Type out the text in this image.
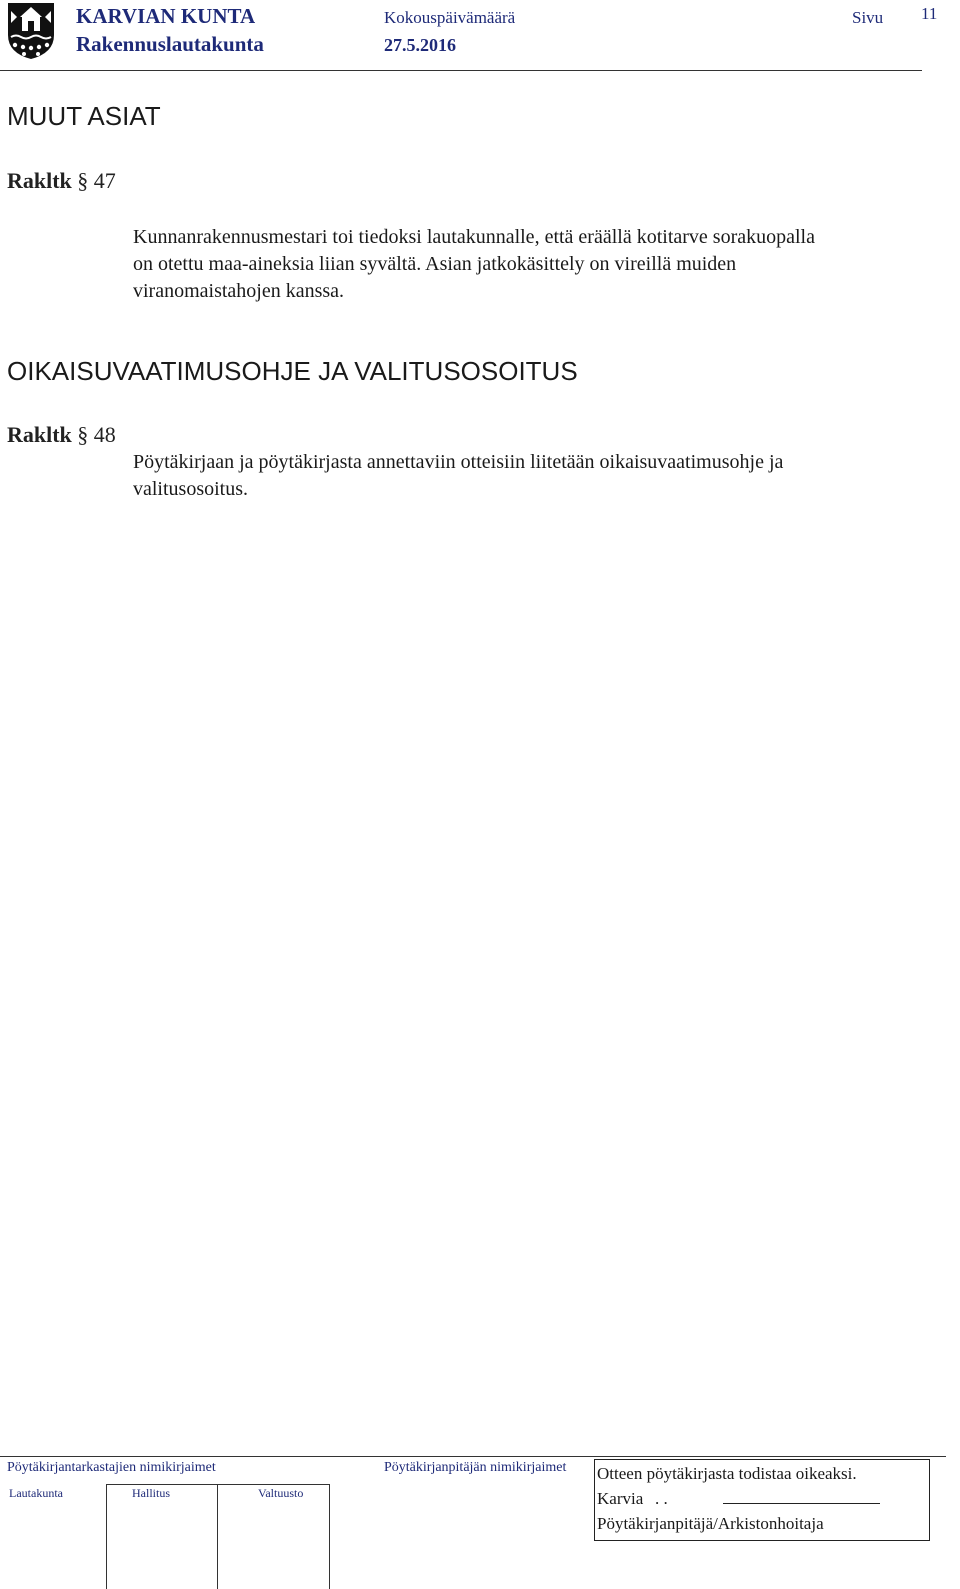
KARVIAN KUNTA
Rakennuslautakunta
Kokouspäivämäärä
27.5.2016
Sivu 11
MUUT ASIAT
Rakltk § 47
Kunnanrakennusmestari toi tiedoksi lautakunnalle, että eräällä kotitarve sorakuopalla
on otettu maa-aineksia liian syvältä. Asian jatkokäsittely on vireillä muiden
viranomaistahojen kanssa.
OIKAISUVAATIMUSOHJE JA VALITUSOSOITUS
Rakltk § 48
Pöytäkirjaan ja pöytäkirjasta annettaviin otteisiin liitetään oikaisuvaatimusohje ja
valitusosoitus.
Pöytäkirjantarkastajien nimikirjaimet	Pöytäkirjanpitäjän nimikirjaimet
Lautakunta	Hallitus	Valtuusto
Otteen pöytäkirjasta todistaa oikeaksi.
Karvia . .
Pöytäkirjanpitäjä/Arkistonhoitaja
